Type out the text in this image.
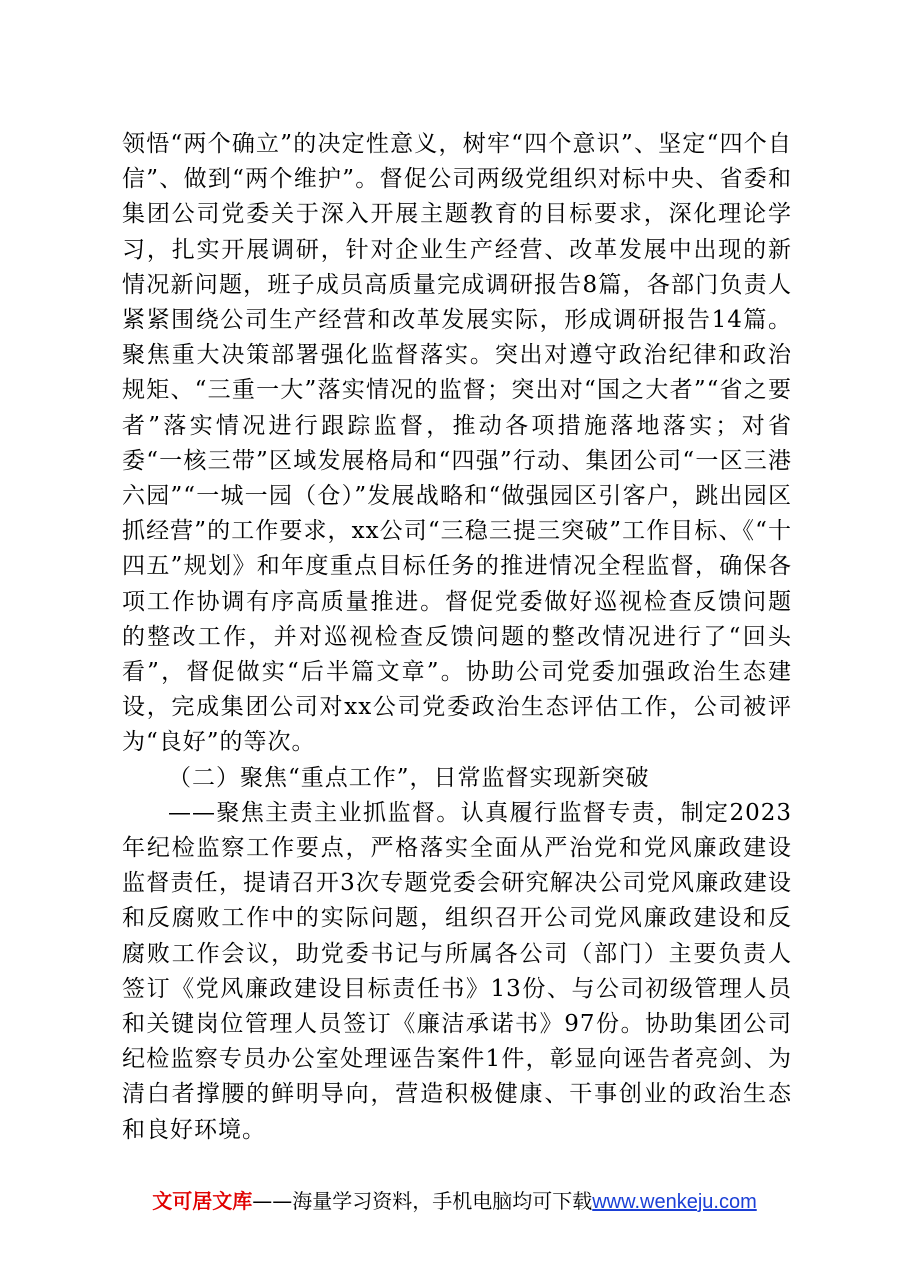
领悟“两个确立”的决定性意义，树牢“四个意识”、坚定“四个自信”、做到“两个维护”。督促公司两级党组织对标中央、省委和集团公司党委关于深入开展主题教育的目标要求，深化理论学习，扎实开展调研，针对企业生产经营、改革发展中出现的新情况新问题，班子成员高质量完成调研报告8篇，各部门负责人紧紧围绕公司生产经营和改革发展实际，形成调研报告14篇。聚焦重大决策部署强化监督落实。突出对遵守政治纪律和政治规矩、“三重一大”落实情况的监督；突出对“国之大者”“省之要者”落实情况进行跟踪监督，推动各项措施落地落实；对省委“一核三带”区域发展格局和“四强”行动、集团公司“一区三港六园”“一城一园（仓）”发展战略和“做强园区引客户，跳出园区抓经营”的工作要求，xx公司“三稳三提三突破”工作目标、《“十四五”规划》和年度重点目标任务的推进情况全程监督，确保各项工作协调有序高质量推进。督促党委做好巡视检查反馈问题的整改工作，并对巡视检查反馈问题的整改情况进行了“回头看”，督促做实“后半篇文章”。协助公司党委加强政治生态建设，完成集团公司对xx公司党委政治生态评估工作，公司被评为“良好”的等次。

（二）聚焦“重点工作”，日常监督实现新突破

——聚焦主责主业抓监督。认真履行监督专责，制定2023年纪检监察工作要点，严格落实全面从严治党和党风廉政建设监督责任，提请召开3次专题党委会研究解决公司党风廉政建设和反腐败工作中的实际问题，组织召开公司党风廉政建设和反腐败工作会议，助党委书记与所属各公司（部门）主要负责人签订《党风廉政建设目标责任书》13份、与公司初级管理人员和关键岗位管理人员签订《廉洁承诺书》97份。协助集团公司纪检监察专员办公室处理诬告案件1件，彰显向诬告者亮剑、为清白者撑腰的鲜明导向，营造积极健康、干事创业的政治生态和良好环境。

文可居文库——海量学习资料，手机电脑均可下载www.wenkeju.com
